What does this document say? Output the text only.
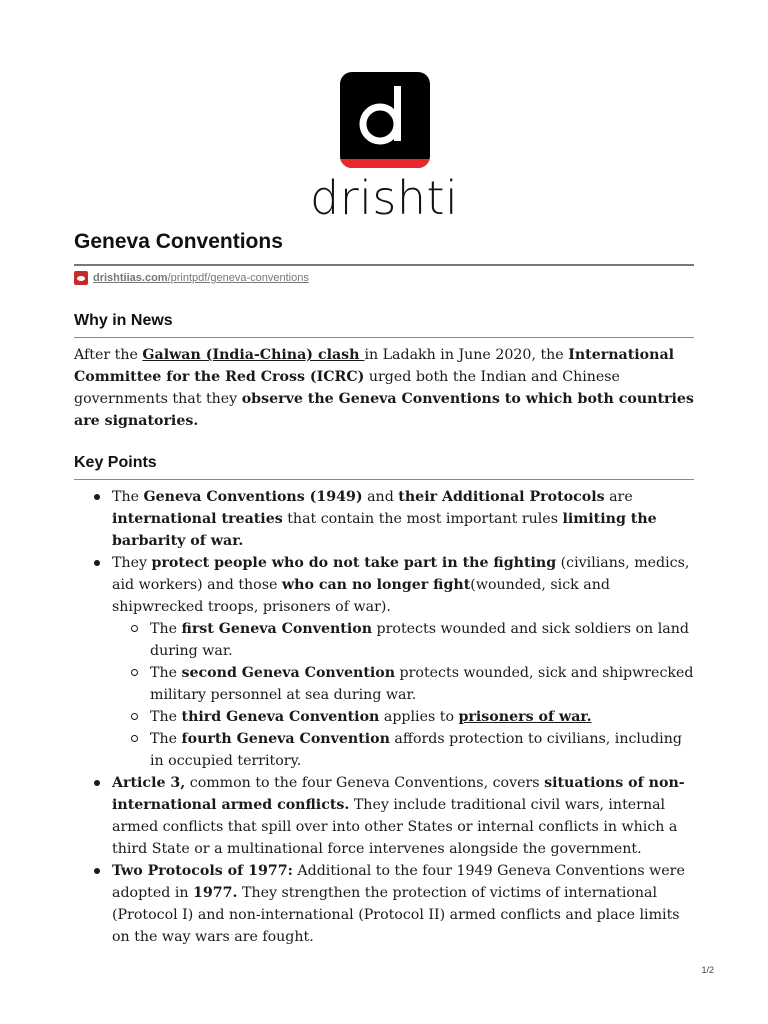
drishti
Geneva Conventions
drishtiias.com/printpdf/geneva-conventions
Why in News
After the Galwan (India-China) clash in Ladakh in June 2020, the International Committee for the Red Cross (ICRC) urged both the Indian and Chinese governments that they observe the Geneva Conventions to which both countries are signatories.
Key Points
The Geneva Conventions (1949) and their Additional Protocols are international treaties that contain the most important rules limiting the barbarity of war.
They protect people who do not take part in the fighting (civilians, medics, aid workers) and those who can no longer fight(wounded, sick and shipwrecked troops, prisoners of war).
The first Geneva Convention protects wounded and sick soldiers on land during war.
The second Geneva Convention protects wounded, sick and shipwrecked military personnel at sea during war.
The third Geneva Convention applies to prisoners of war.
The fourth Geneva Convention affords protection to civilians, including in occupied territory.
Article 3, common to the four Geneva Conventions, covers situations of non-international armed conflicts. They include traditional civil wars, internal armed conflicts that spill over into other States or internal conflicts in which a third State or a multinational force intervenes alongside the government.
Two Protocols of 1977: Additional to the four 1949 Geneva Conventions were adopted in 1977. They strengthen the protection of victims of international (Protocol I) and non-international (Protocol II) armed conflicts and place limits on the way wars are fought.
1/2
